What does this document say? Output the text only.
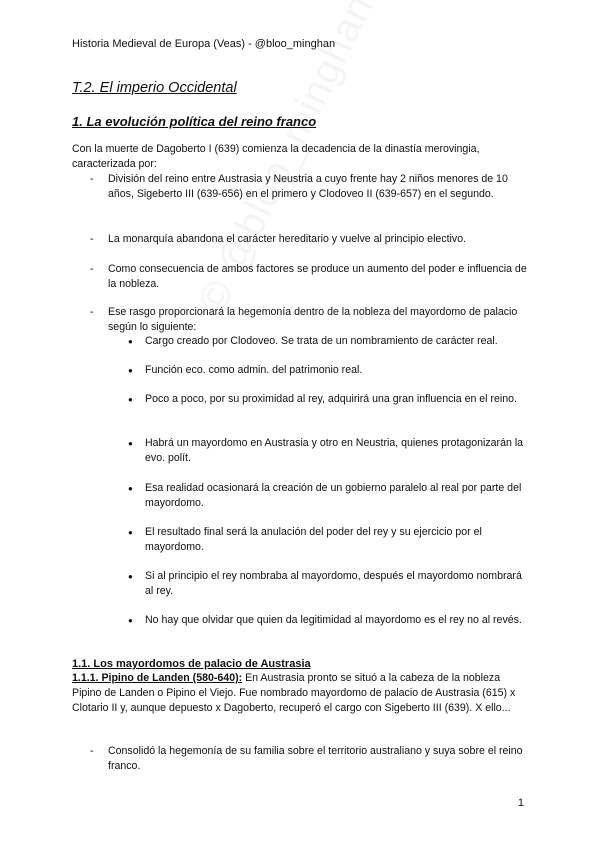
Historia Medieval de Europa (Veas) - @bloo_minghan
T.2. El imperio Occidental
1. La evolución política del reino franco

Con la muerte de Dagoberto I (639) comienza la decadencia de la dinastía merovingia, caracterizada por:

- División del reino entre Austrasia y Neustria a cuyo frente hay 2 niños menores de 10 años, Sigeberto III (639-656) en el primero y Clodoveo II (639-657) en el segundo.
- La monarquía abandona el carácter hereditario y vuelve al principio electivo.
- Como consecuencia de ambos factores se produce un aumento del poder e influencia de la nobleza.
- Ese rasgo proporcionará la hegemonía dentro de la nobleza del mayordomo de palacio según lo siguiente:
● Cargo creado por Clodoveo. Se trata de un nombramiento de carácter real.
● Función eco. como admin. del patrimonio real.
● Poco a poco, por su proximidad al rey, adquirirá una gran influencia en el reino.
● Habrá un mayordomo en Austrasia y otro en Neustria, quienes protagonizarán la evo. polít.
● Esa realidad ocasionará la creación de un gobierno paralelo al real por parte del mayordomo.
● El resultado final será la anulación del poder del rey y su ejercicio por el mayordomo.
● Si al principio el rey nombraba al mayordomo, después el mayordomo nombrará al rey.
● No hay que olvidar que quien da legitimidad al mayordomo es el rey no al revés.
1.1. Los mayordomos de palacio de Austrasia

1.1.1. Pipino de Landen (580-640): En Austrasia pronto se situó a la cabeza de la nobleza Pipino de Landen o Pipino el Viejo. Fue nombrado mayordomo de palacio de Austrasia (615) x Clotario II y, aunque depuesto x Dagoberto, recuperó el cargo con Sigeberto III (639). X ello...

- Consolidó la hegemonía de su familia sobre el territorio australiano y suya sobre el reino franco.
1
